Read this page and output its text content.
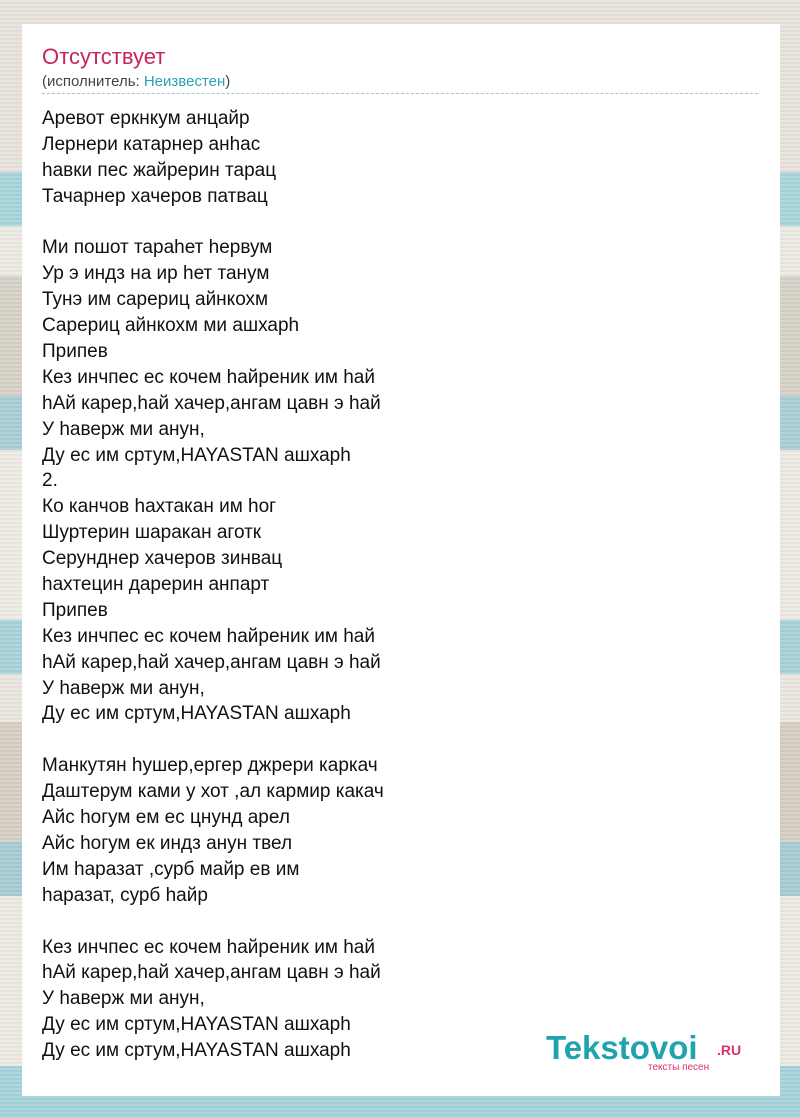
Отсутствует
(исполнитель: Неизвестен)
Аревот еркнкум анцайр
Лернери катарнер анhас
hавки пес жайрерин тарац
Тачарнер хачеров патвац
Ми пошот тараhет hервум
Ур э индз на ир hет танум
Тунэ им сарериц айнкохм
Сарериц айнкохм ми ашхарh
Припев
Кез инчпес ес кочем hайреник им hай
hАй карер,hай хачер,ангам цавн э hай
У hаверж ми анун,
Ду ес им сртум,HAYASTAN ашхарh
2.
Ко канчов hахтакан им hог
Шуртерин шаракан аготк
Серунднер хачеров зинвац
hахтецин дарерин анпарт
Припев
Кез инчпес ес кочем hайреник им hай
hАй карер,hай хачер,ангам цавн э hай
У hаверж ми анун,
Ду ес им сртум,HAYASTAN ашхарh
Манкутян hушер,ергер джрери каркач
Даштерум ками у хот ,ал кармир какач
Айс hогум ем ес цнунд арел
Айс hогум ек индз анун твел
Им hаразат ,сурб майр ев им
hаразат, сурб hайр
Кез инчпес ес кочем hайреник им hай
hАй карер,hай хачер,ангам цавн э hай
У hаверж ми анун,
Ду ес им сртум,HAYASTAN ашхарh
Ду ес им сртум,HAYASTAN ашхарh	Tekstovoi .RU
тексты песен
